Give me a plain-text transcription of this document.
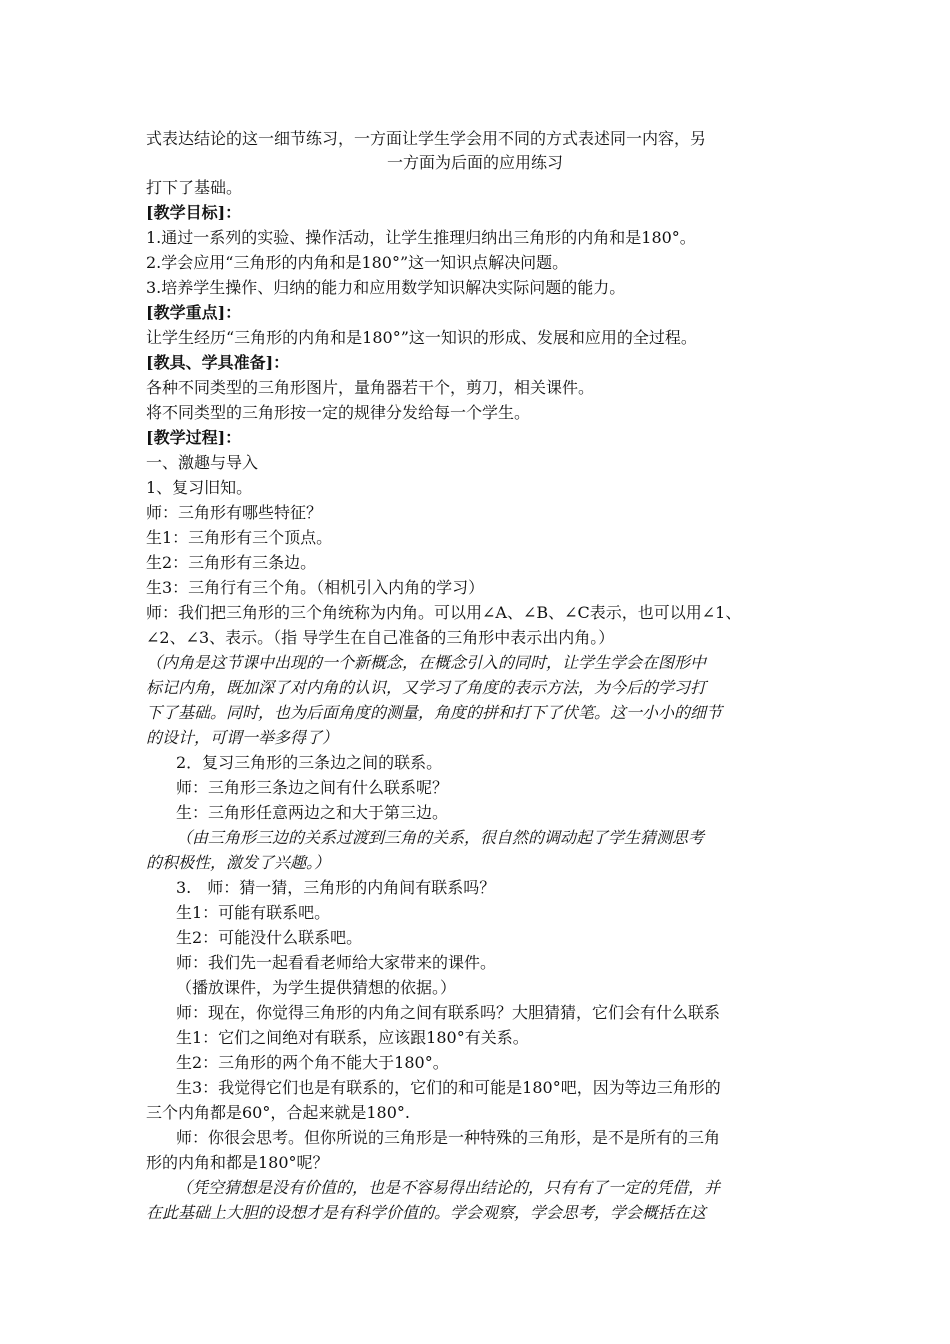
式表达结论的这一细节练习，一方面让学生学会用不同的方式表述同一内容，另
一方面为后面的应用练习
打下了基础。
[教学目标]：
1.通过一系列的实验、操作活动，让学生推理归纳出三角形的内角和是180°。
2.学会应用“三角形的内角和是180°”这一知识点解决问题。
3.培养学生操作、归纳的能力和应用数学知识解决实际问题的能力。
[教学重点]：
让学生经历“三角形的内角和是180°”这一知识的形成、发展和应用的全过程。
[教具、学具准备]：
各种不同类型的三角形图片，量角器若干个，剪刀，相关课件。
将不同类型的三角形按一定的规律分发给每一个学生。
[教学过程]：
一、激趣与导入
1、复习旧知。
师：三角形有哪些特征？
生1：三角形有三个顶点。
生2：三角形有三条边。
生3：三角行有三个角。（相机引入内角的学习）
师：我们把三角形的三个角统称为内角。可以用∠A、∠B、∠C表示，也可以用∠1、
∠2、∠3、表示。（指 导学生在自己准备的三角形中表示出内角。）
（内角是这节课中出现的一个新概念，在概念引入的同时，让学生学会在图形中
标记内角，既加深了对内角的认识，又学习了角度的表示方法，为今后的学习打
下了基础。同时，也为后面角度的测量，角度的拼和打下了伏笔。这一小小的细节
的设计，可谓一举多得了）
2．复习三角形的三条边之间的联系。
师：三角形三条边之间有什么联系呢？
生：三角形任意两边之和大于第三边。
（由三角形三边的关系过渡到三角的关系，很自然的调动起了学生猜测思考
的积极性，激发了兴趣。）
3.　师：猜一猜，三角形的内角间有联系吗？
生1：可能有联系吧。
生2：可能没什么联系吧。
师：我们先一起看看老师给大家带来的课件。
（播放课件，为学生提供猜想的依据。）
师：现在，你觉得三角形的内角之间有联系吗？大胆猜猜，它们会有什么联系
生1：它们之间绝对有联系，应该跟180°有关系。
生2：三角形的两个角不能大于180°。
生3：我觉得它们也是有联系的，它们的和可能是180°吧，因为等边三角形的
三个内角都是60°，合起来就是180°.
师：你很会思考。但你所说的三角形是一种特殊的三角形，是不是所有的三角
形的内角和都是180°呢？
（凭空猜想是没有价值的，也是不容易得出结论的，只有有了一定的凭借，并
在此基础上大胆的设想才是有科学价值的。学会观察，学会思考，学会概括在这
